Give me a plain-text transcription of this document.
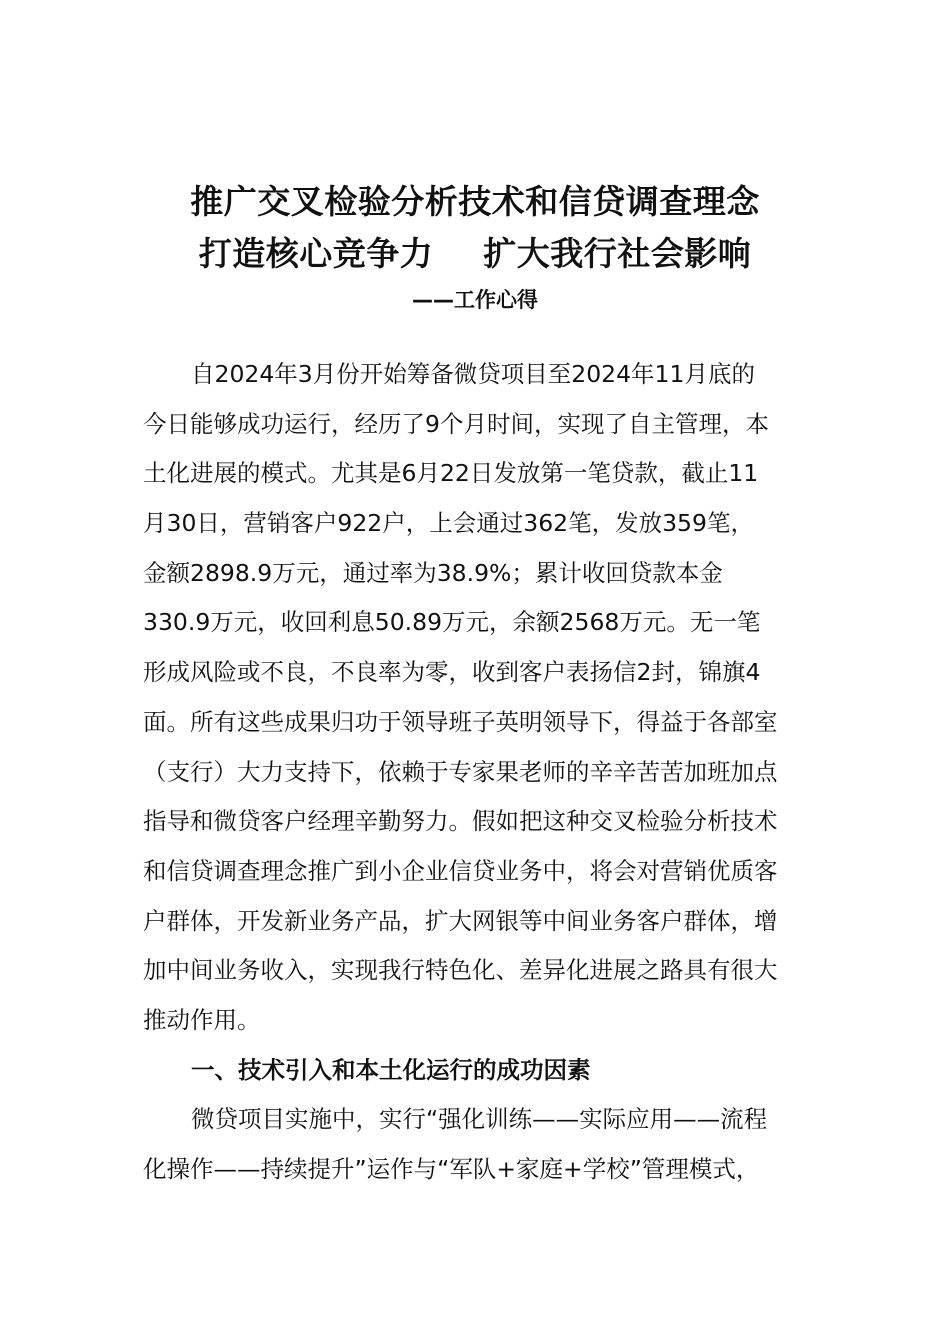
推广交叉检验分析技术和信贷调查理念
打造核心竞争力 扩大我行社会影响
——工作心得
自2024年3月份开始筹备微贷项目至2024年11月底的
今日能够成功运行，经历了9个月时间，实现了自主管理，本
土化进展的模式。尤其是6月22日发放第一笔贷款，截止11
月30日，营销客户922户，上会通过362笔，发放359笔，
金额2898.9万元，通过率为38.9%；累计收回贷款本金
330.9万元，收回利息50.89万元，余额2568万元。无一笔
形成风险或不良，不良率为零，收到客户表扬信2封，锦旗4
面。所有这些成果归功于领导班子英明领导下，得益于各部室
（支行）大力支持下，依赖于专家果老师的辛辛苦苦加班加点
指导和微贷客户经理辛勤努力。假如把这种交叉检验分析技术
和信贷调查理念推广到小企业信贷业务中，将会对营销优质客
户群体，开发新业务产品，扩大网银等中间业务客户群体，增
加中间业务收入，实现我行特色化、差异化进展之路具有很大
推动作用。
一、技术引入和本土化运行的成功因素
微贷项目实施中，实行“强化训练——实际应用——流程
化操作——持续提升”运作与“军队+家庭+学校”管理模式，
